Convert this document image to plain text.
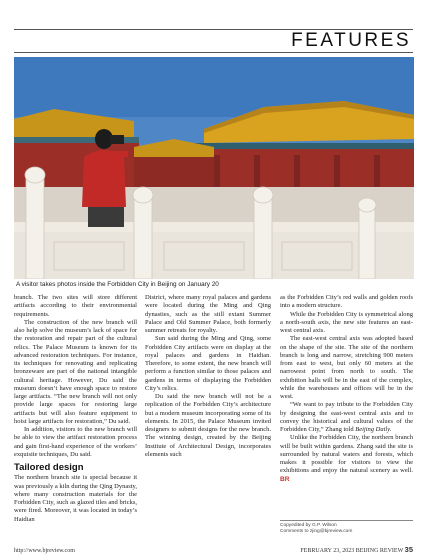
FEATURES
A visitor takes photos inside the Forbidden City in Beijing on January 20

branch. The two sites will store different artifacts according to their environmental requirements.

The construction of the new branch will also help solve the museum’s lack of space for the restoration and repair part of the cultural relics. The Palace Museum is known for its advanced restoration techniques. For instance, its techniques for renovating and replicating bronzeware are part of the national intangible cultural heritage. However, Du said the museum doesn’t have enough space to restore large artifacts. “The new branch will not only provide large spaces for restoring large artifacts but will also feature equipment to hoist large artifacts for restoration,” Du said.

In addition, visitors to the new branch will be able to view the artifact restoration process and gain first-hand experience of the workers’ exquisite techniques, Du said.

Tailored design

The northern branch site is special because it was previously a kiln during the Qing Dynasty, where many construction materials for the Forbidden City, such as glazed tiles and bricks, were fired. Moreover, it was located in today’s Haidian

District, where many royal palaces and gardens were located during the Ming and Qing dynasties, such as the still extant Summer Palace and Old Summer Palace, both formerly summer retreats for royalty.

Sun said during the Ming and Qing, some Forbidden City artifacts were on display at the royal palaces and gardens in Haidian. Therefore, to some extent, the new branch will perform a function similar to those palaces and gardens in terms of displaying the Forbidden City’s relics.

Du said the new branch will not be a replication of the Forbidden City’s architecture but a modern museum incorporating some of its elements. In 2015, the Palace Museum invited designers to submit designs for the new branch. The winning design, created by the Beijing Institute of Architectural Design, incorporates elements such

as the Forbidden City’s red walls and golden roofs into a modern structure.

While the Forbidden City is symmetrical along a north-south axis, the new site features an east-west central axis.

The east-west central axis was adopted based on the shape of the site. The site of the northern branch is long and narrow, stretching 900 meters from east to west, but only 60 meters at the narrowest point from north to south. The exhibition halls will be in the east of the complex, while the warehouses and offices will be in the west.

“We want to pay tribute to the Forbidden City by designing the east-west central axis and to convey the historical and cultural values of the Forbidden City,” Zhang told Beijing Daily.

Unlike the Forbidden City, the northern branch will be built within gardens. Zhang said the site is surrounded by natural waters and forests, which makes it possible for visitors to view the exhibitions and enjoy the natural scenery as well. BR

Copyedited by G.P. Wilson
Comments to zjing@bjreview.com
http://www.bjreview.com	FEBRUARY 23, 2023 BEIJING REVIEW 35
